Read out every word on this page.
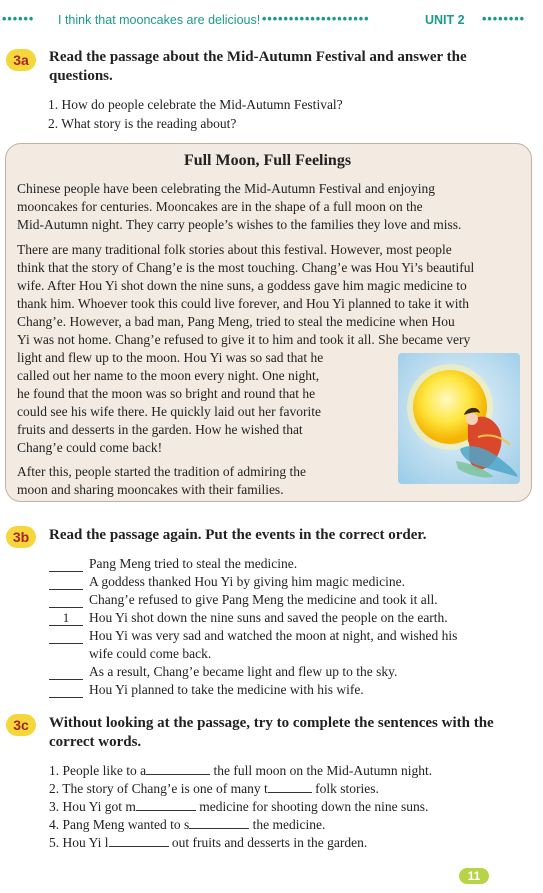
•••••• I think that mooncakes are delicious! ••••••••••••••••••••	UNIT 2 ••••••••
3a	Read the passage about the Mid-Autumn Festival and answer the
questions.
1. How do people celebrate the Mid-Autumn Festival?
2. What story is the reading about?
Full Moon, Full Feelings
Chinese people have been celebrating the Mid-Autumn Festival and enjoying
mooncakes for centuries. Mooncakes are in the shape of a full moon on the
Mid-Autumn night. They carry people’s wishes to the families they love and miss.
There are many traditional folk stories about this festival. However, most people
think that the story of Chang’e is the most touching. Chang’e was Hou Yi’s beautiful
wife. After Hou Yi shot down the nine suns, a goddess gave him magic medicine to
thank him. Whoever took this could live forever, and Hou Yi planned to take it with
Chang’e. However, a bad man, Pang Meng, tried to steal the medicine when Hou
Yi was not home. Chang’e refused to give it to him and took it all. She became very
light and flew up to the moon. Hou Yi was so sad that he
called out her name to the moon every night. One night,
he found that the moon was so bright and round that he
could see his wife there. He quickly laid out her favorite
fruits and desserts in the garden. How he wished that
Chang’e could come back!
After this, people started the tradition of admiring the
moon and sharing mooncakes with their families.
3b	Read the passage again. Put the events in the correct order.
Pang Meng tried to steal the medicine.
A goddess thanked Hou Yi by giving him magic medicine.
Chang’e refused to give Pang Meng the medicine and took it all.
1	Hou Yi shot down the nine suns and saved the people on the earth.
Hou Yi was very sad and watched the moon at night, and wished his
wife could come back.
As a result, Chang’e became light and flew up to the sky.
Hou Yi planned to take the medicine with his wife.
3c	Without looking at the passage, try to complete the sentences with the
correct words.
1. People like to a	the full moon on the Mid-Autumn night.
2. The story of Chang’e is one of many t	folk stories.
3. Hou Yi got m	medicine for shooting down the nine suns.
4. Pang Meng wanted to s	the medicine.
5. Hou Yi l	out fruits and desserts in the garden.
11
